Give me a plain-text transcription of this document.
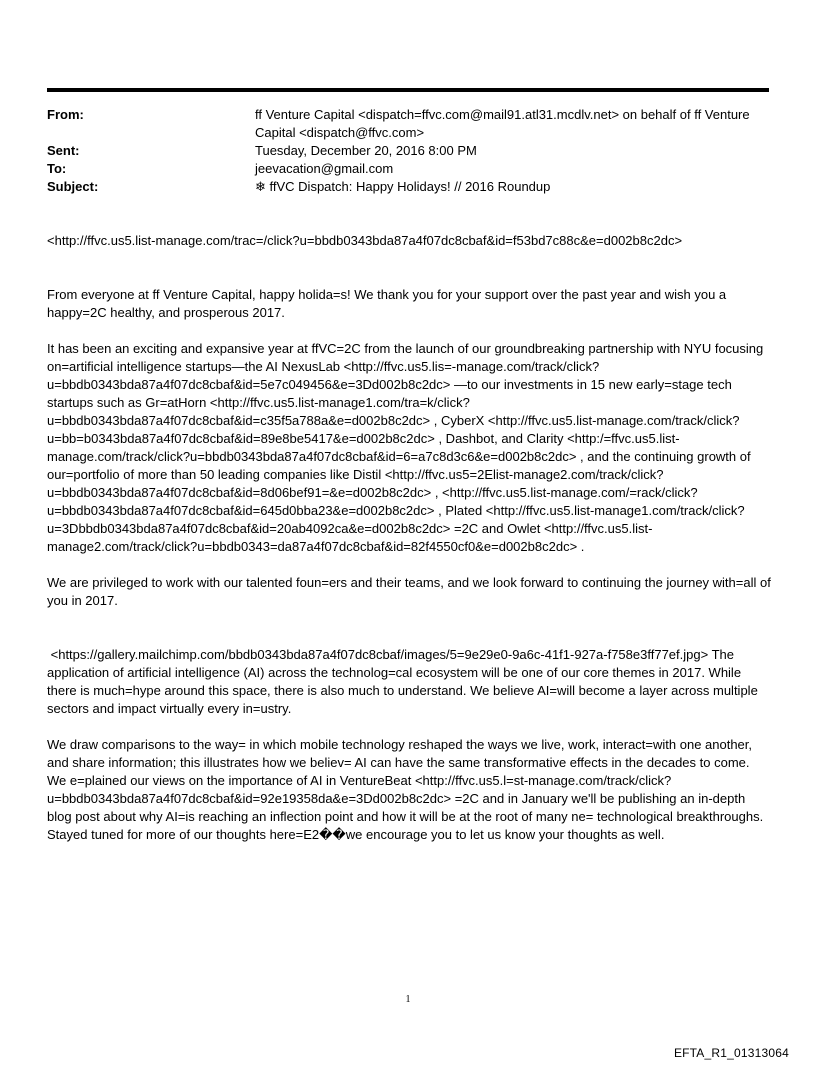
From:	ff Venture Capital <dispatch=ffvc.com@mail91.atl31.mcdlv.net> on behalf of ff Venture Capital <dispatch@ffvc.com>
Sent:	Tuesday, December 20, 2016 8:00 PM
To:	jeevacation@gmail.com
Subject:	❄ ffVC Dispatch: Happy Holidays! // 2016 Roundup

<http://ffvc.us5.list-manage.com/trac=/click?u=bbdb0343bda87a4f07dc8cbaf&id=f53bd7c88c&e=d002b8c2dc>

From everyone at ff Venture Capital, happy holida=s! We thank you for your support over the past year and wish you a happy=2C healthy, and prosperous 2017.

It has been an exciting and expansive year at ffVC=2C from the launch of our groundbreaking partnership with NYU focusing on=artificial intelligence startups—the AI NexusLab <http://ffvc.us5.lis=-manage.com/track/click?u=bbdb0343bda87a4f07dc8cbaf&id=5e7c049456&e=3Dd002b8c2dc> —to our investments in 15 new early=stage tech startups such as Gr=atHorn <http://ffvc.us5.list-manage1.com/tra=k/click?u=bbdb0343bda87a4f07dc8cbaf&id=c35f5a788a&e=d002b8c2dc> , CyberX <http://ffvc.us5.list-manage.com/track/click?u=bb=b0343bda87a4f07dc8cbaf&id=89e8be5417&e=d002b8c2dc> , Dashbot, and Clarity <http:/=ffvc.us5.list-manage.com/track/click?u=bbdb0343bda87a4f07dc8cbaf&id=6=a7c8d3c6&e=d002b8c2dc> , and the continuing growth of our=portfolio of more than 50 leading companies like Distil <http://ffvc.us5=2Elist-manage2.com/track/click?u=bbdb0343bda87a4f07dc8cbaf&id=8d06bef91=&e=d002b8c2dc> , <http://ffvc.us5.list-manage.com/=rack/click?u=bbdb0343bda87a4f07dc8cbaf&id=645d0bba23&e=d002b8c2dc> , Plated <http://ffvc.us5.list-manage1.com/track/click?u=3Dbbdb0343bda87a4f07dc8cbaf&id=20ab4092ca&e=d002b8c2dc> =2C and Owlet <http://ffvc.us5.list-manage2.com/track/click?u=bbdb0343=da87a4f07dc8cbaf&id=82f4550cf0&e=d002b8c2dc> .

We are privileged to work with our talented foun=ers and their teams, and we look forward to continuing the journey with=all of you in 2017.

<https://gallery.mailchimp.com/bbdb0343bda87a4f07dc8cbaf/images/5=9e29e0-9a6c-41f1-927a-f758e3ff77ef.jpg> The application of artificial intelligence (AI) across the technolog=cal ecosystem will be one of our core themes in 2017. While there is much=hype around this space, there is also much to understand. We believe AI=will become a layer across multiple sectors and impact virtually every in=ustry.

We draw comparisons to the way= in which mobile technology reshaped the ways we live, work, interact=with one another, and share information; this illustrates how we believ= AI can have the same transformative effects in the decades to come. We e=plained our views on the importance of AI in VentureBeat <http://ffvc.us5.l=st-manage.com/track/click?u=bbdb0343bda87a4f07dc8cbaf&id=92e19358da&e=3Dd002b8c2dc> =2C and in January we'll be publishing an in-depth blog post about why AI=is reaching an inflection point and how it will be at the root of many ne= technological breakthroughs. Stayed tuned for more of our thoughts here=E2��we encourage you to let us know your thoughts as well.

1
EFTA_R1_01313064
